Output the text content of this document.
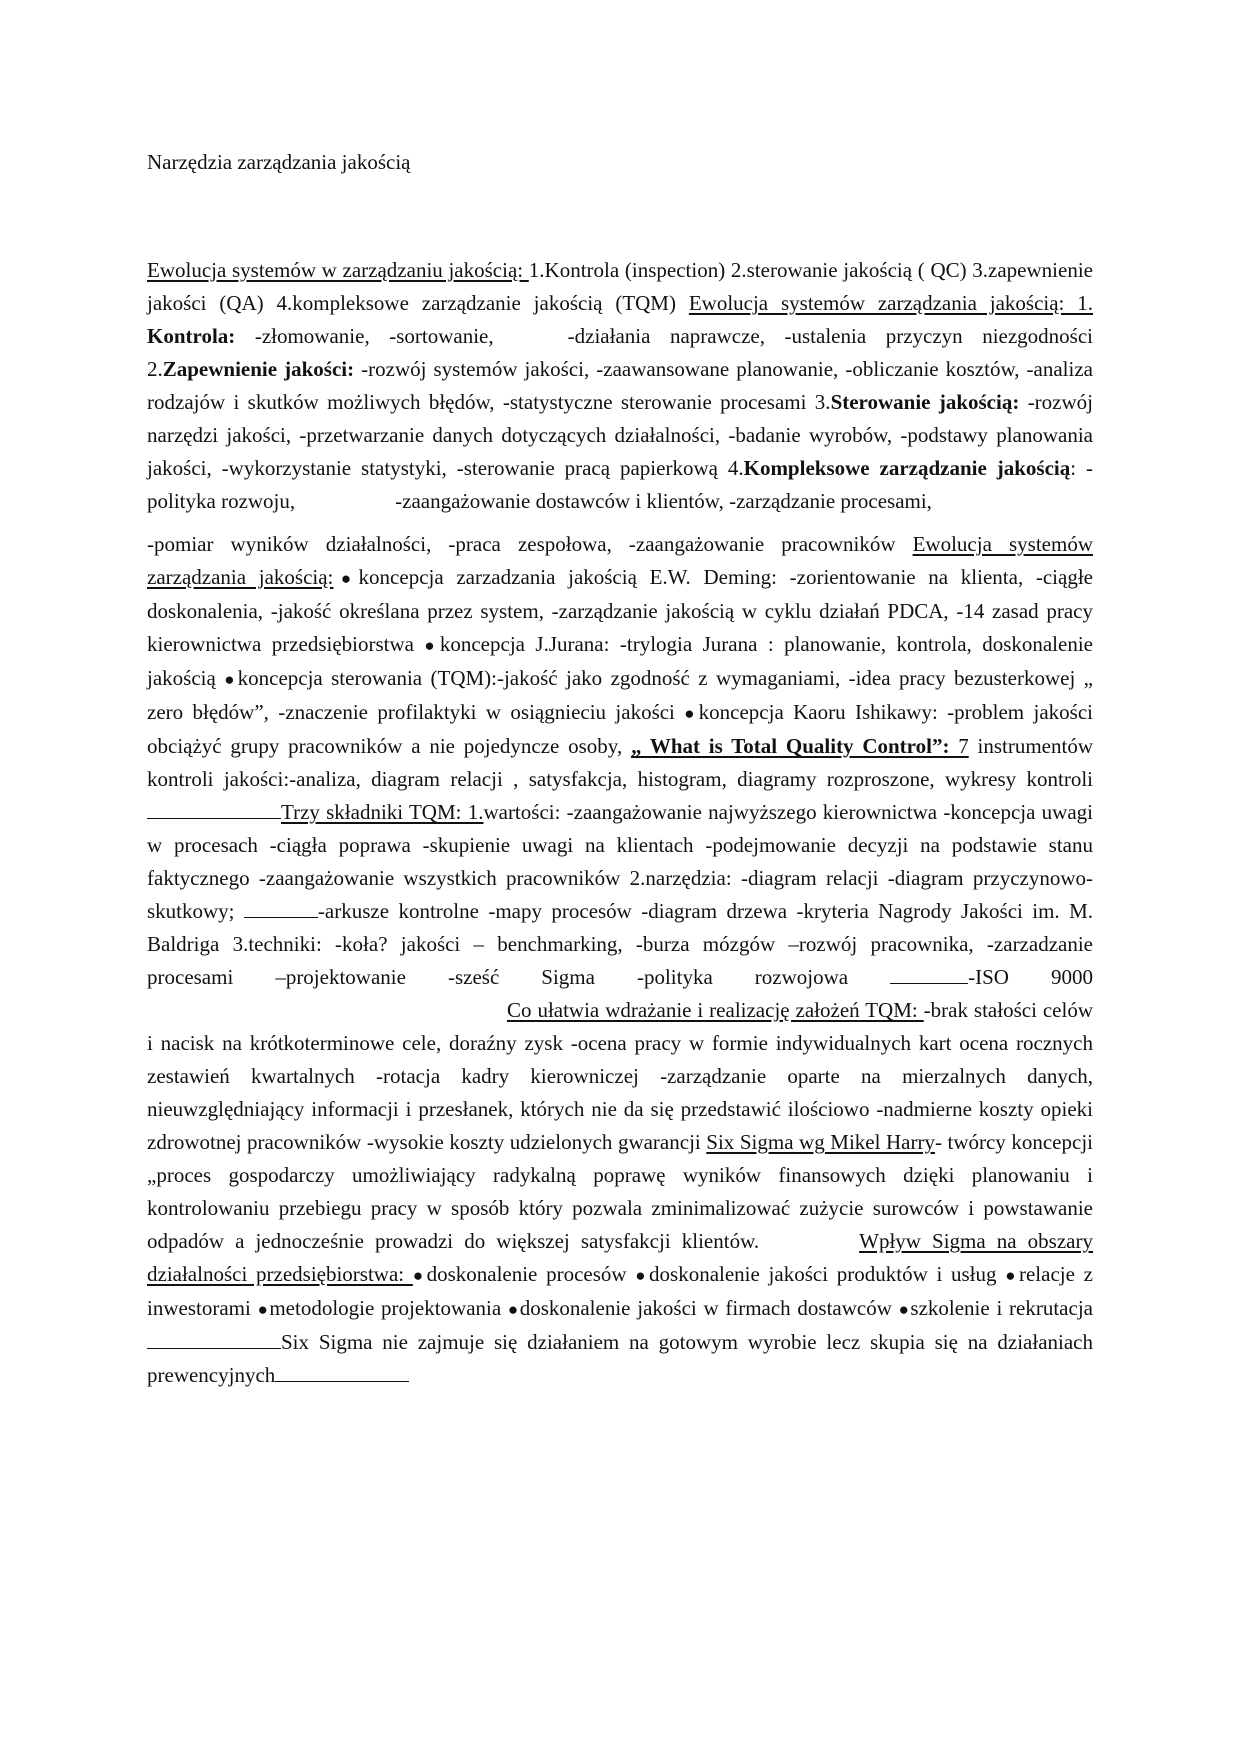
Narzędzia zarządzania jakością

Ewolucja systemów w zarządzaniu jakością: 1.Kontrola (inspection) 2.sterowanie jakością ( QC) 3.zapewnienie jakości (QA) 4.kompleksowe zarządzanie jakością (TQM) Ewolucja systemów zarządzania jakością: 1. Kontrola: -złomowanie, -sortowanie,	-działania naprawcze, -ustalenia przyczyn niezgodności 2.Zapewnienie jakości: -rozwój systemów jakości, -zaawansowane planowanie, -obliczanie kosztów, -analiza rodzajów i skutków możliwych błędów, -statystyczne sterowanie procesami 3.Sterowanie jakością: -rozwój narzędzi jakości, -przetwarzanie danych dotyczących działalności, -badanie wyrobów, -podstawy planowania jakości, -wykorzystanie statystyki, -sterowanie pracą papierkową 4.Kompleksowe zarządzanie jakością: -polityka rozwoju,	-zaangażowanie dostawców i klientów, -zarządzanie procesami,

-pomiar wyników działalności, -praca zespołowa, -zaangażowanie pracowników Ewolucja systemów zarządzania jakością:●koncepcja zarzadzania jakością E.W. Deming: -zorientowanie na klienta, -ciągłe doskonalenia, -jakość określana przez system, -zarządzanie jakością w cyklu działań PDCA, -14 zasad pracy kierownictwa przedsiębiorstwa ●koncepcja J.Jurana: -trylogia Jurana : planowanie, kontrola, doskonalenie jakością ●koncepcja sterowania (TQM):-jakość jako zgodność z wymaganiami, -idea pracy bezusterkowej „ zero błędów”, -znaczenie profilaktyki w osiągnieciu jakości ●koncepcja Kaoru Ishikawy: -problem jakości obciążyć grupy pracowników a nie pojedyncze osoby, „ What is Total Quality Control”: 7 instrumentów kontroli jakości:-analiza, diagram relacji , satysfakcja, histogram, diagramy rozproszone, wykresy kontroliTrzy składniki TQM: 1.wartości: -zaangażowanie najwyższego kierownictwa -koncepcja uwagi w procesach -ciągła poprawa -skupienie uwagi na klientach -podejmowanie decyzji na podstawie stanu faktycznego -zaangażowanie wszystkich pracowników 2.narzędzia: -diagram relacji -diagram przyczynowo- skutkowy;	-arkusze kontrolne -mapy procesów -diagram drzewa -kryteria Nagrody Jakości im. M. Baldriga 3.techniki: -koła? jakości – benchmarking, -burza mózgów –rozwój pracownika, -zarzadzanie procesami –projektowanie -sześć Sigma -polityka rozwojowa	-ISO 9000Co ułatwia wdrażanie i realizację założeń TQM: -brak stałości celów i nacisk na krótkoterminowe cele, doraźny zysk -ocena pracy w formie indywidualnych kart ocena rocznych zestawień kwartalnych -rotacja kadry kierowniczej -zarządzanie oparte na mierzalnych danych, nieuwzględniający informacji i przesłanek, których nie da się przedstawić ilościowo -nadmierne koszty opieki zdrowotnej pracowników -wysokie koszty udzielonych gwarancji Six Sigma wg Mikel Harry- twórcy koncepcji „proces gospodarczy umożliwiający radykalną poprawę wyników finansowych dzięki planowaniu i kontrolowaniu przebiegu pracy w sposób który pozwala zminimalizować zużycie surowców i powstawanie odpadów a jednocześnie prowadzi do większej satysfakcji klientów.	Wpływ Sigma na obszary działalności przedsiębiorstwa: ●doskonalenie procesów ●doskonalenie jakości produktów i usług ●relacje z inwestorami ●metodologie projektowania ●doskonalenie jakości w firmach dostawców ●szkolenie i rekrutacja Six Sigma nie zajmuje się działaniem na gotowym wyrobie lecz skupia się na działaniach prewencyjnych
